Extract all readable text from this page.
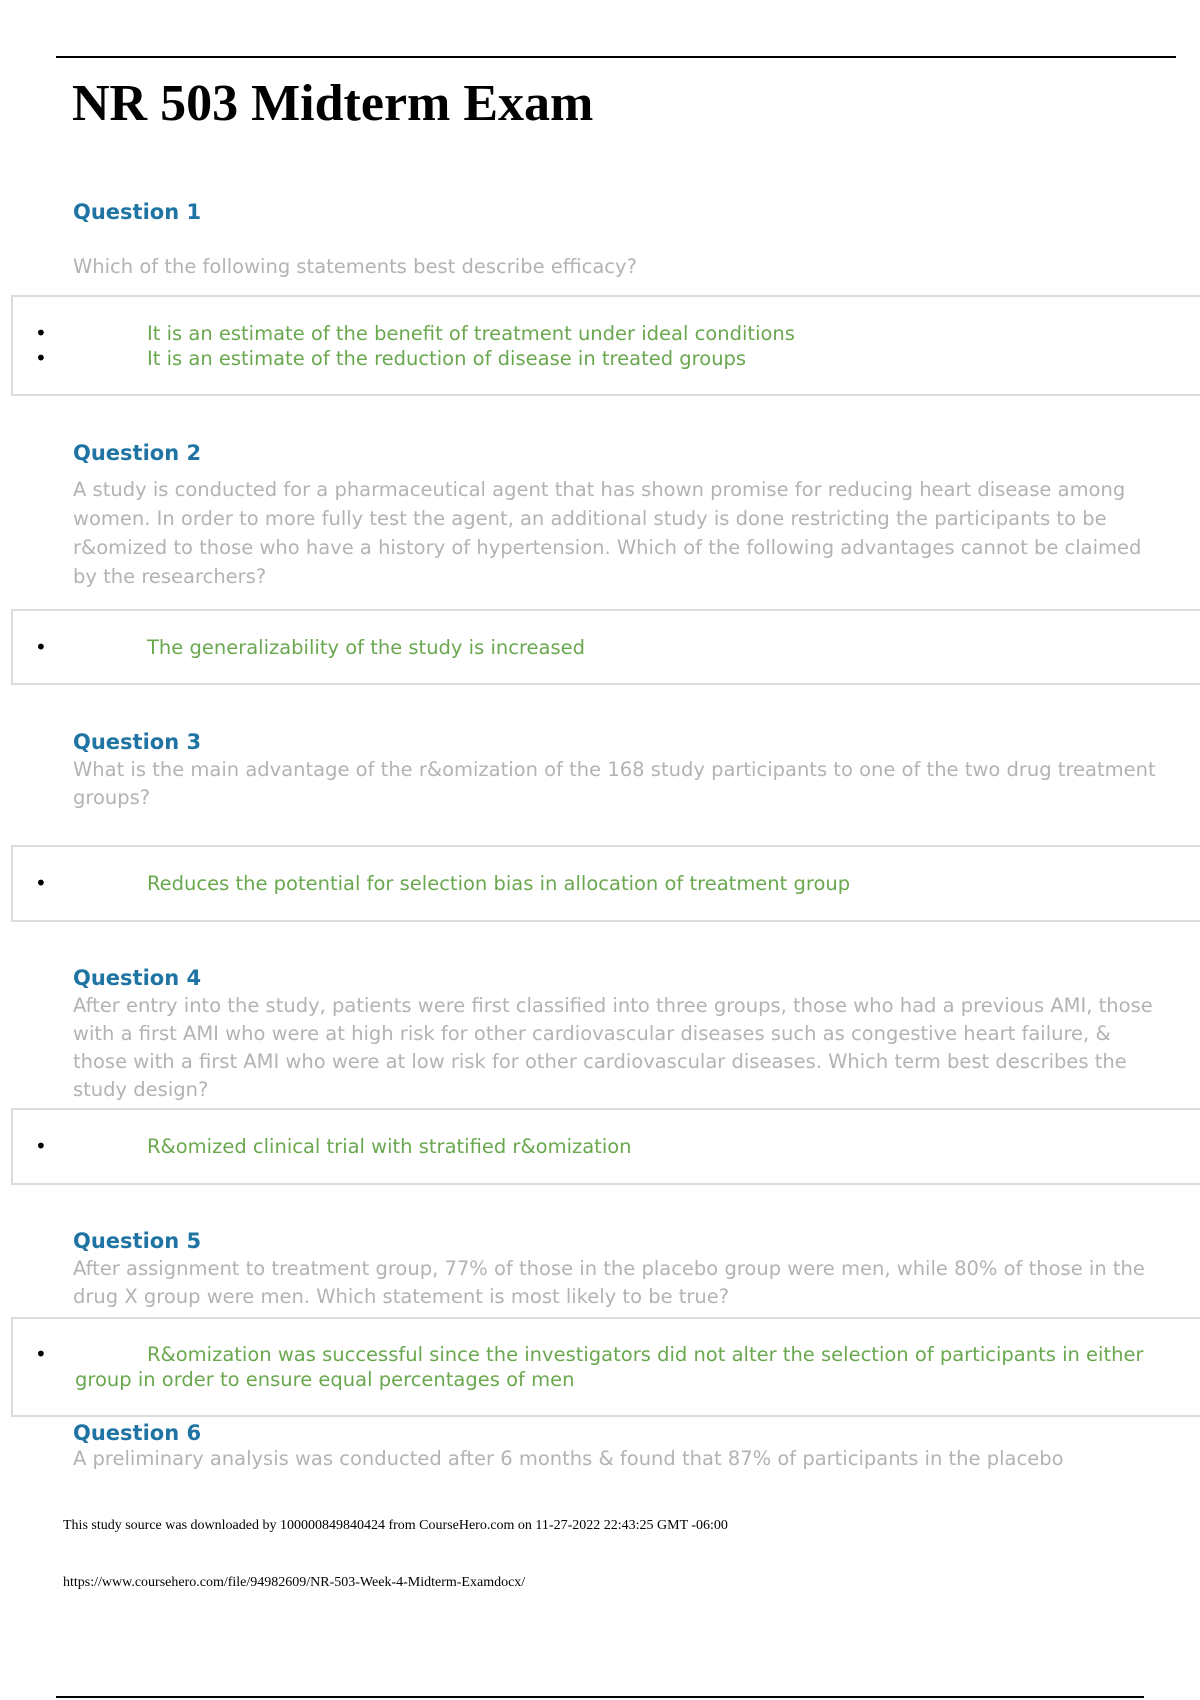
NR 503 Midterm Exam
Question 1

Which of the following statements best describe efficacy?

•	It is an estimate of the benefit of treatment under ideal conditions
•	It is an estimate of the reduction of disease in treated groups
Question 2

A study is conducted for a pharmaceutical agent that has shown promise for reducing heart disease among women. In order to more fully test the agent, an additional study is done restricting the participants to be r&omized to those who have a history of hypertension. Which of the following advantages cannot be claimed by the researchers?

•	The generalizability of the study is increased
Question 3

What is the main advantage of the r&omization of the 168 study participants to one of the two drug treatment groups?

•	Reduces the potential for selection bias in allocation of treatment group
Question 4

After entry into the study, patients were first classified into three groups, those who had a previous AMI, those with a first AMI who were at high risk for other cardiovascular diseases such as congestive heart failure, & those with a first AMI who were at low risk for other cardiovascular diseases. Which term best describes the study design?

•	R&omized clinical trial with stratified r&omization
Question 5

After assignment to treatment group, 77% of those in the placebo group were men, while 80% of those in the drug X group were men. Which statement is most likely to be true?

•	R&omization was successful since the investigators did not alter the selection of participants in either group in order to ensure equal percentages of men
Question 6

A preliminary analysis was conducted after 6 months & found that 87% of participants in the placebo

This study source was downloaded by 100000849840424 from CourseHero.com on 11-27-2022 22:43:25 GMT -06:00

https://www.coursehero.com/file/94982609/NR-503-Week-4-Midterm-Examdocx/
